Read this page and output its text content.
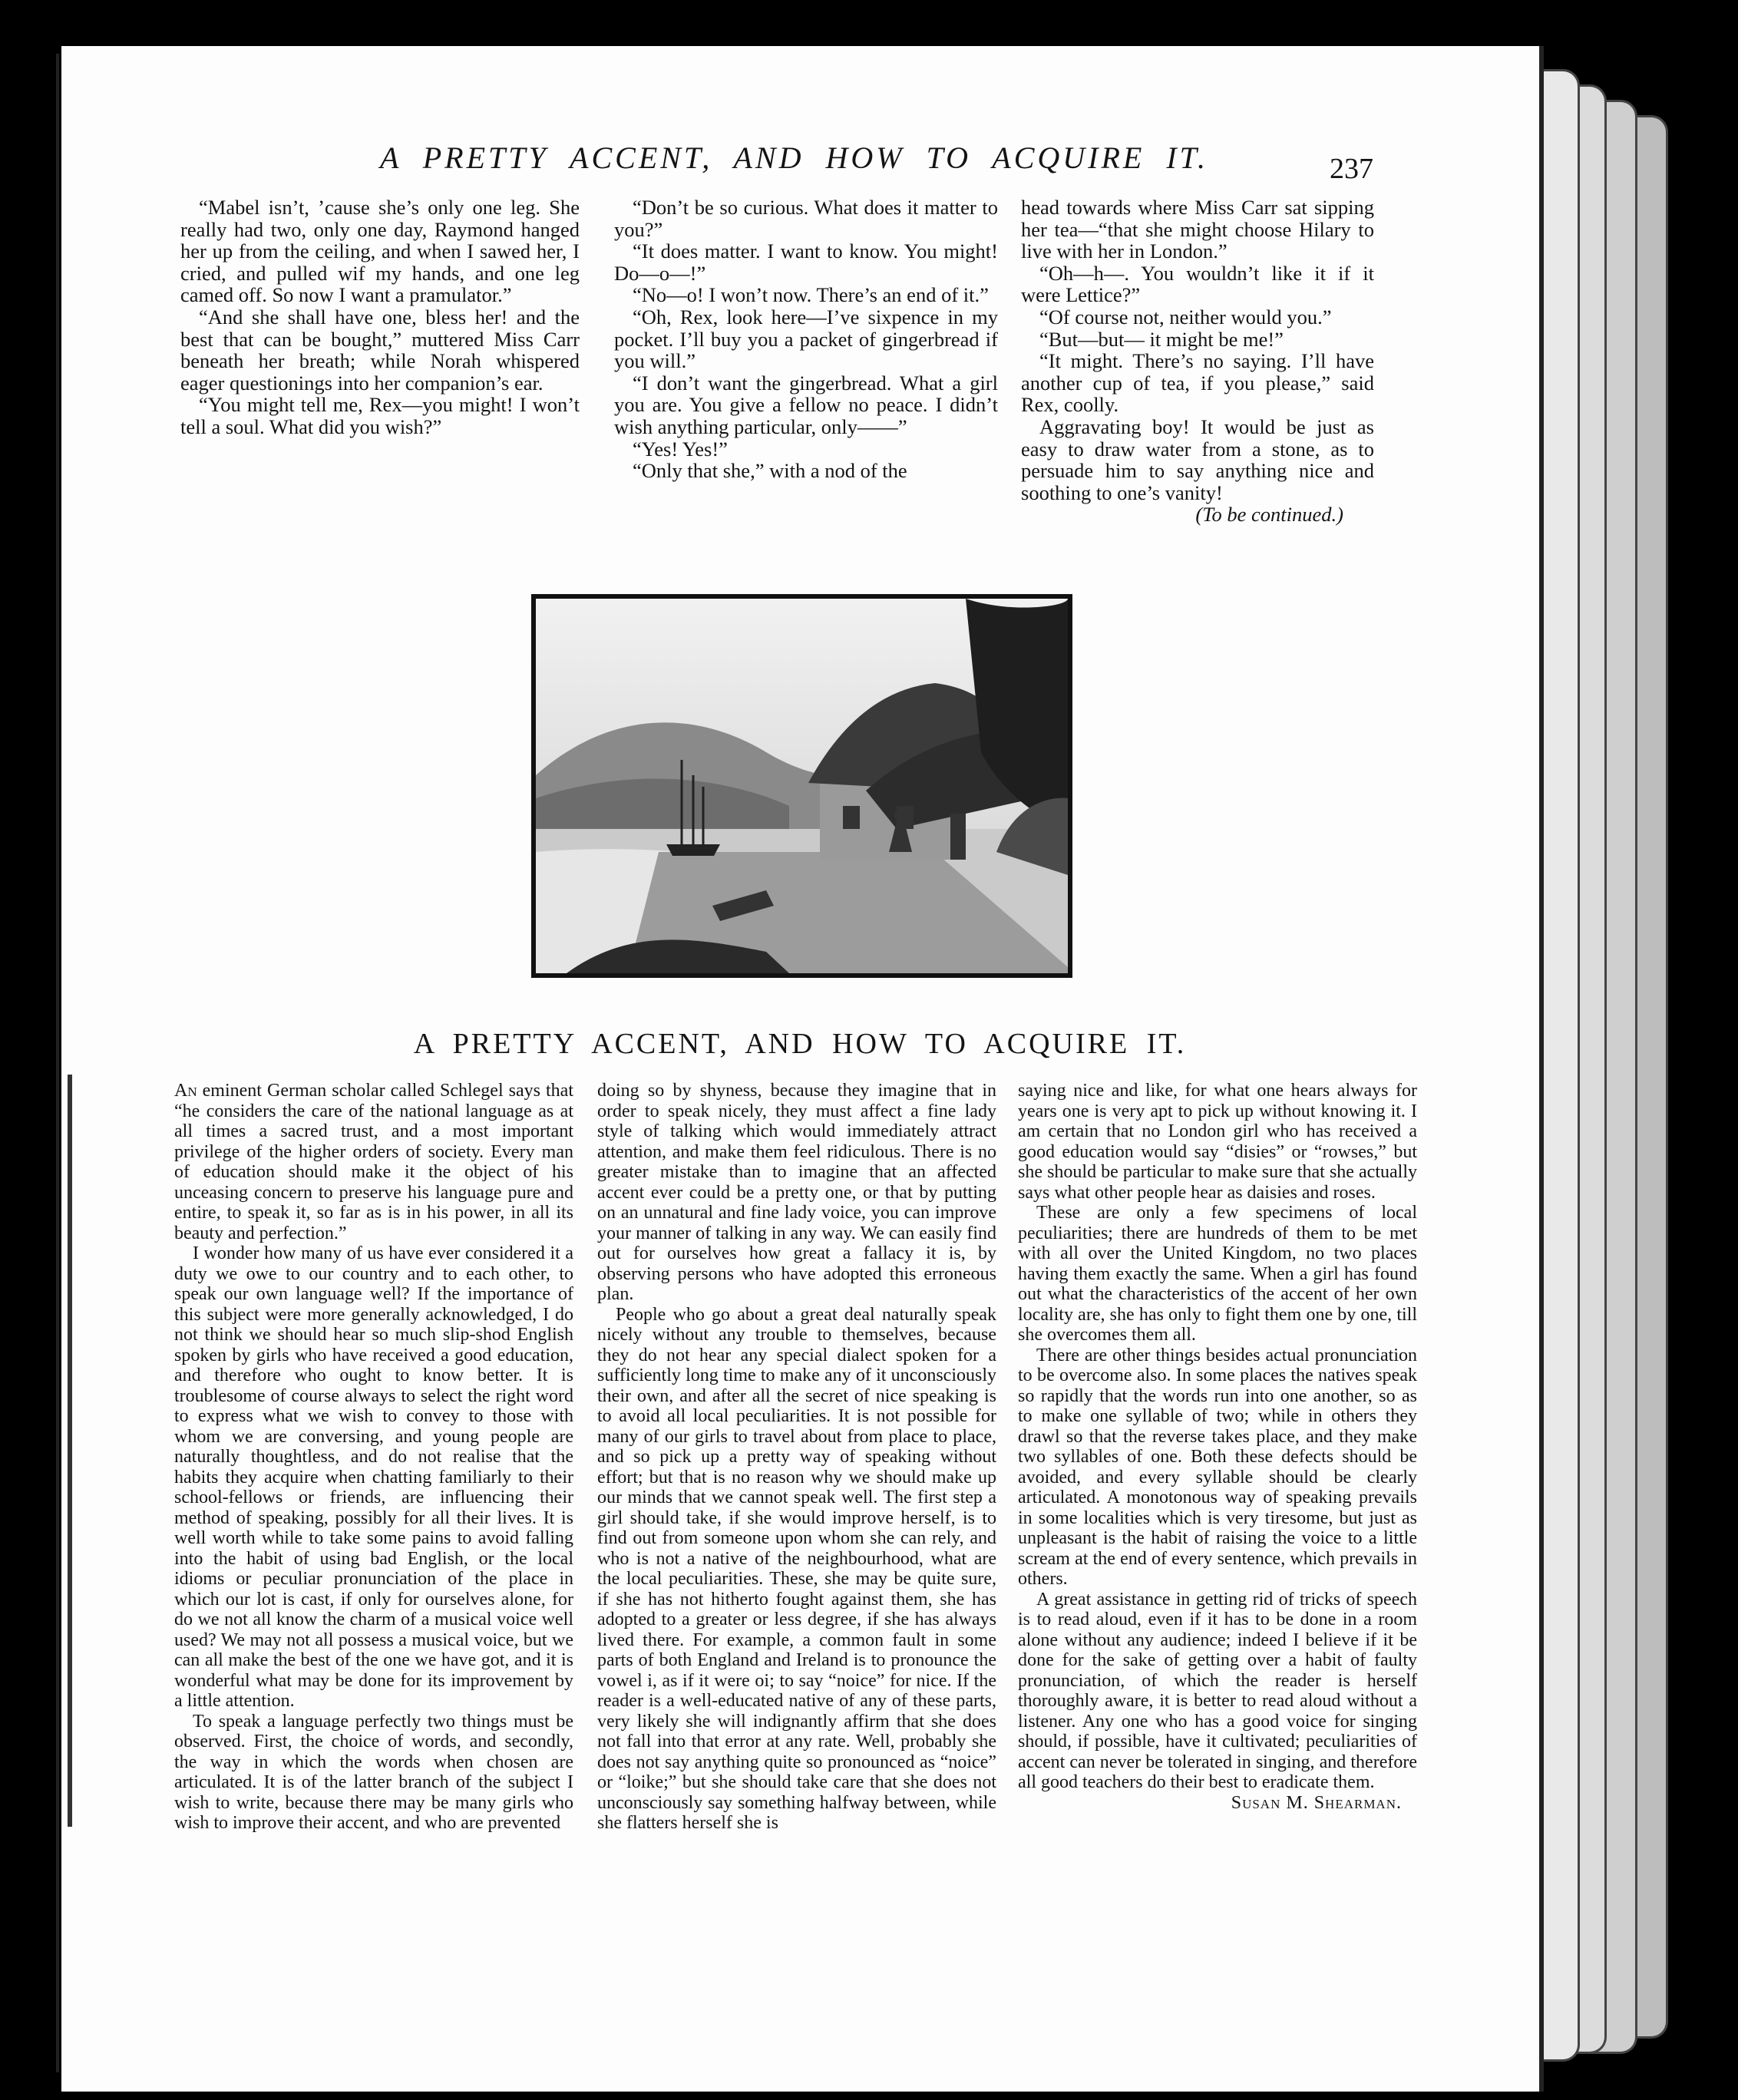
A PRETTY ACCENT, AND HOW TO ACQUIRE IT.	237

“Mabel isn’t, ’cause she’s only one leg. She really had two, only one day, Raymond hanged her up from the ceiling, and when I sawed her, I cried, and pulled wif my hands, and one leg camed off. So now I want a pramulator.”

“And she shall have one, bless her! and the best that can be bought,” muttered Miss Carr beneath her breath; while Norah whispered eager questionings into her companion’s ear.

“You might tell me, Rex—you might! I won’t tell a soul. What did you wish?”

“Don’t be so curious. What does it matter to you?”

“It does matter. I want to know. You might! Do—o—!”

“No—o! I won’t now. There’s an end of it.”

“Oh, Rex, look here—I’ve sixpence in my pocket. I’ll buy you a packet of gingerbread if you will.”

“I don’t want the gingerbread. What a girl you are. You give a fellow no peace. I didn’t wish anything particular, only——”

“Yes! Yes!”

“Only that she,” with a nod of the

head towards where Miss Carr sat sipping her tea—“that she might choose Hilary to live with her in London.”

“Oh—h—. You wouldn’t like it if it were Lettice?”

“Of course not, neither would you.”

“But—but— it might be me!”

“It might. There’s no saying. I’ll have another cup of tea, if you please,” said Rex, coolly.

Aggravating boy! It would be just as easy to draw water from a stone, as to persuade him to say anything nice and soothing to one’s vanity!

(To be continued.)

A PRETTY ACCENT, AND HOW TO ACQUIRE IT.

An eminent German scholar called Schlegel says that “he considers the care of the national language as at all times a sacred trust, and a most important privilege of the higher orders of society. Every man of education should make it the object of his unceasing concern to preserve his language pure and entire, to speak it, so far as is in his power, in all its beauty and perfection.”

I wonder how many of us have ever considered it a duty we owe to our country and to each other, to speak our own language well? If the importance of this subject were more generally acknowledged, I do not think we should hear so much slip-shod English spoken by girls who have received a good education, and therefore who ought to know better. It is troublesome of course always to select the right word to express what we wish to convey to those with whom we are conversing, and young people are naturally thoughtless, and do not realise that the habits they acquire when chatting familiarly to their school-fellows or friends, are influencing their method of speaking, possibly for all their lives. It is well worth while to take some pains to avoid falling into the habit of using bad English, or the local idioms or peculiar pronunciation of the place in which our lot is cast, if only for ourselves alone, for do we not all know the charm of a musical voice well used? We may not all possess a musical voice, but we can all make the best of the one we have got, and it is wonderful what may be done for its improvement by a little attention.

To speak a language perfectly two things must be observed. First, the choice of words, and secondly, the way in which the words when chosen are articulated. It is of the latter branch of the subject I wish to write, because there may be many girls who wish to improve their accent, and who are prevented

doing so by shyness, because they imagine that in order to speak nicely, they must affect a fine lady style of talking which would immediately attract attention, and make them feel ridiculous. There is no greater mistake than to imagine that an affected accent ever could be a pretty one, or that by putting on an unnatural and fine lady voice, you can improve your manner of talking in any way. We can easily find out for ourselves how great a fallacy it is, by observing persons who have adopted this erroneous plan.

People who go about a great deal naturally speak nicely without any trouble to themselves, because they do not hear any special dialect spoken for a sufficiently long time to make any of it unconsciously their own, and after all the secret of nice speaking is to avoid all local peculiarities. It is not possible for many of our girls to travel about from place to place, and so pick up a pretty way of speaking without effort; but that is no reason why we should make up our minds that we cannot speak well. The first step a girl should take, if she would improve herself, is to find out from someone upon whom she can rely, and who is not a native of the neighbourhood, what are the local peculiarities. These, she may be quite sure, if she has not hitherto fought against them, she has adopted to a greater or less degree, if she has always lived there. For example, a common fault in some parts of both England and Ireland is to pronounce the vowel i, as if it were oi; to say “noice” for nice. If the reader is a well-educated native of any of these parts, very likely she will indignantly affirm that she does not fall into that error at any rate. Well, probably she does not say anything quite so pronounced as “noice” or “loike;” but she should take care that she does not unconsciously say something halfway between, while she flatters herself she is

saying nice and like, for what one hears always for years one is very apt to pick up without knowing it. I am certain that no London girl who has received a good education would say “disies” or “rowses,” but she should be particular to make sure that she actually says what other people hear as daisies and roses.

These are only a few specimens of local peculiarities; there are hundreds of them to be met with all over the United Kingdom, no two places having them exactly the same. When a girl has found out what the characteristics of the accent of her own locality are, she has only to fight them one by one, till she overcomes them all.

There are other things besides actual pronunciation to be overcome also. In some places the natives speak so rapidly that the words run into one another, so as to make one syllable of two; while in others they drawl so that the reverse takes place, and they make two syllables of one. Both these defects should be avoided, and every syllable should be clearly articulated. A monotonous way of speaking prevails in some localities which is very tiresome, but just as unpleasant is the habit of raising the voice to a little scream at the end of every sentence, which prevails in others.

A great assistance in getting rid of tricks of speech is to read aloud, even if it has to be done in a room alone without any audience; indeed I believe if it be done for the sake of getting over a habit of faulty pronunciation, of which the reader is herself thoroughly aware, it is better to read aloud without a listener. Any one who has a good voice for singing should, if possible, have it cultivated; peculiarities of accent can never be tolerated in singing, and therefore all good teachers do their best to eradicate them.

Susan M. Shearman.
